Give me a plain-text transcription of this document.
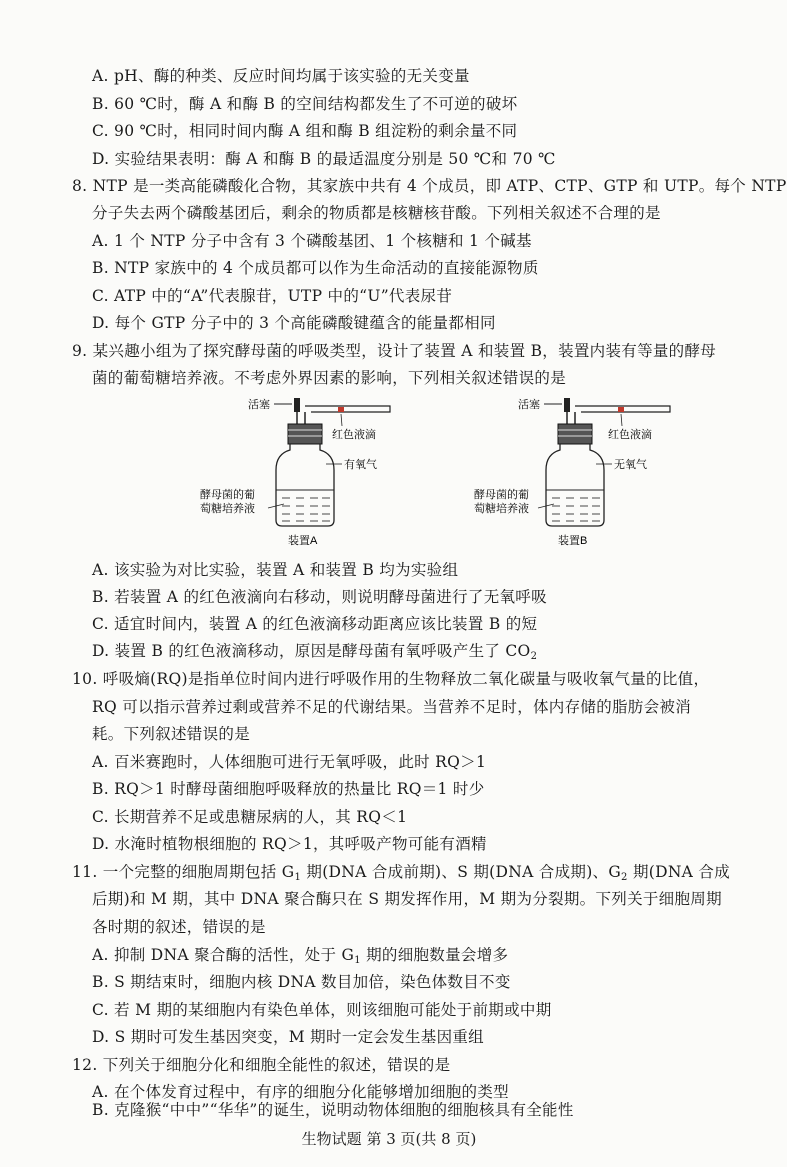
A. pH、酶的种类、反应时间均属于该实验的无关变量
B. 60 ℃时，酶 A 和酶 B 的空间结构都发生了不可逆的破坏
C. 90 ℃时，相同时间内酶 A 组和酶 B 组淀粉的剩余量不同
D. 实验结果表明：酶 A 和酶 B 的最适温度分别是 50 ℃和 70 ℃
8. NTP 是一类高能磷酸化合物，其家族中共有 4 个成员，即 ATP、CTP、GTP 和 UTP。每个 NTP
分子失去两个磷酸基团后，剩余的物质都是核糖核苷酸。下列相关叙述不合理的是
A. 1 个 NTP 分子中含有 3 个磷酸基团、1 个核糖和 1 个碱基
B. NTP 家族中的 4 个成员都可以作为生命活动的直接能源物质
C. ATP 中的“A”代表腺苷，UTP 中的“U”代表尿苷
D. 每个 GTP 分子中的 3 个高能磷酸键蕴含的能量都相同
9. 某兴趣小组为了探究酵母菌的呼吸类型，设计了装置 A 和装置 B，装置内装有等量的酵母
菌的葡萄糖培养液。不考虑外界因素的影响，下列相关叙述错误的是
活塞
红色液滴
有氧气
酵母菌的葡
萄糖培养液
装置A
活塞
红色液滴
无氧气
酵母菌的葡
萄糖培养液
装置B
A. 该实验为对比实验，装置 A 和装置 B 均为实验组
B. 若装置 A 的红色液滴向右移动，则说明酵母菌进行了无氧呼吸
C. 适宜时间内，装置 A 的红色液滴移动距离应该比装置 B 的短
D. 装置 B 的红色液滴移动，原因是酵母菌有氧呼吸产生了 $CO_2$
10. 呼吸熵(RQ)是指单位时间内进行呼吸作用的生物释放二氧化碳量与吸收氧气量的比值，
RQ 可以指示营养过剩或营养不足的代谢结果。当营养不足时，体内存储的脂肪会被消
耗。下列叙述错误的是
A. 百米赛跑时，人体细胞可进行无氧呼吸，此时 RQ＞1
B. RQ＞1 时酵母菌细胞呼吸释放的热量比 RQ＝1 时少
C. 长期营养不足或患糖尿病的人，其 RQ＜1
D. 水淹时植物根细胞的 RQ＞1，其呼吸产物可能有酒精
11. 一个完整的细胞周期包括 $G_1$ 期(DNA 合成前期)、S 期(DNA 合成期)、$G_2$ 期(DNA 合成
后期)和 M 期，其中 DNA 聚合酶只在 S 期发挥作用，M 期为分裂期。下列关于细胞周期
各时期的叙述，错误的是
A. 抑制 DNA 聚合酶的活性，处于 $G_1$ 期的细胞数量会增多
B. S 期结束时，细胞内核 DNA 数目加倍，染色体数目不变
C. 若 M 期的某细胞内有染色单体，则该细胞可能处于前期或中期
D. S 期时可发生基因突变，M 期时一定会发生基因重组
12. 下列关于细胞分化和细胞全能性的叙述，错误的是
A. 在个体发育过程中，有序的细胞分化能够增加细胞的类型
B. 克隆猴“中中”“华华”的诞生，说明动物体细胞的细胞核具有全能性
生物试题 第 3 页(共 8 页)
